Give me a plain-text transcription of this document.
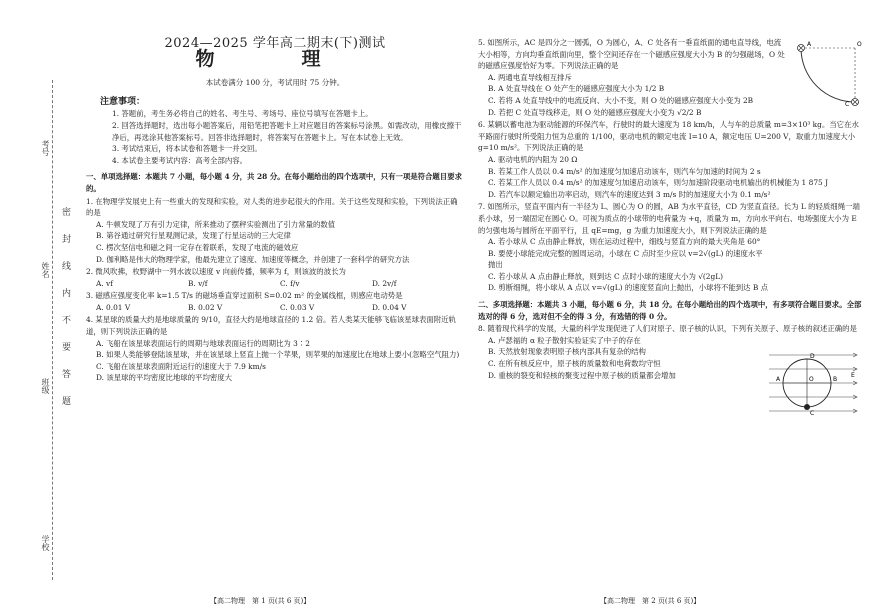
考号
姓名
班级
学校
密
封
线
内
不
要
答
题
2024—2025 学年高二期末(下)测试
物　理
本试卷满分 100 分，考试用时 75 分钟。
注意事项：

1. 答题前，考生务必将自己的姓名、考生号、考场号、座位号填写在答题卡上。

2. 回答选择题时，选出每小题答案后，用铅笔把答题卡上对应题目的答案标号涂黑。如需改动，用橡皮擦干净后，再选涂其他答案标号。回答非选择题时，将答案写在答题卡上。写在本试卷上无效。

3. 考试结束后，将本试卷和答题卡一并交回。

4. 本试卷主要考试内容：高考全部内容。

一、单项选择题：本题共 7 小题，每小题 4 分，共 28 分。在每小题给出的四个选项中，只有一项是符合题目要求的。

1. 在物理学发展史上有一些重大的发现和实验，对人类的进步起很大的作用。关于这些发现和实验，下列说法正确的是

A. 牛顿发现了万有引力定律，所来推动了摆秤实验测出了引力常量的数值

B. 第谷通过研究行星观测记录，发现了行星运动的三大定律

C. 楞次坚信电和磁之间一定存在着联系，发现了电流的磁效应

D. 伽利略是伟大的物理学家，他最先建立了速度、加速度等概念，并创建了一套科学的研究方法

2. 微风吹拂，枚野湖中一列水波以速度 v 向前传播，频率为 f，则该波的波长为

A. vf	B. v/f	C. f/v	D. 2v/f

3. 磁感应强度变化率 k=1.5 T/s 的磁场垂直穿过面积 S=0.02 m² 的金属线框，则感应电动势是

A. 0.01 V	B. 0.02 V	C. 0.03 V	D. 0.04 V

4. 某星球的质量大约是地球质量的 9/10，直径大约是地球直径的 1.2 倍。若人类某天能够飞临该星球表面附近轨道，则下列说法正确的是

A. 飞船在该星球表面运行的周期与地球表面运行的周期比为 3∶2

B. 如果人类能够登陆该星球，并在该星球上竖直上抛一个苹果，则苹果的加速度比在地球上要小(忽略空气阻力)

C. 飞船在该星球表面附近运行的速度大于 7.9 km/s

D. 该星球的平均密度比地球的平均密度大

【高二物理　第 1 页(共 6 页)】

5. 如图所示，AC 是四分之一圆弧，O 为圆心，A、C 处各有一垂直纸面的通电直导线，电流大小相等，方向均垂直纸面向里，整个空间还存在一个磁感应强度大小为 B 的匀强磁场，O 处的磁感应强度恰好为零。下列说法正确的是

A. 两通电直导线相互排斥

B. A 处直导线在 O 处产生的磁感应强度大小为 1/2 B

C. 若将 A 处直导线中的电流反向、大小不变，则 O 处的磁感应强度大小变为 2B

D. 若把 C 处直导线移走，则 O 处的磁感应强度大小变为 √2/2 B

6. 某辆以蓄电池为驱动能源的环保汽车，行驶时的最大速度为 18 km/h，人与车的总质量 m=3×10³ kg。当它在水平路面行驶时所受阻力恒为总重的 1/100，驱动电机的额定电流 I=10 A，额定电压 U=200 V，取重力加速度大小 g=10 m/s²。下列说法正确的是

A. 驱动电机的内阻为 20 Ω

B. 若某工作人员以 0.4 m/s² 的加速度匀加速启动该车，则汽车匀加速的时间为 2 s

C. 若某工作人员以 0.4 m/s² 的加速度匀加速启动该车，则匀加速阶段驱动电机输出的机械能为 1 875 J

D. 若汽车以额定输出功率启动，则汽车的速度达到 3 m/s 时的加速度大小为 0.1 m/s²

7. 如图所示，竖直平面内有一半径为 L、圆心为 O 的圆，AB 为水平直径，CD 为竖直直径。长为 L 的轻质细绳一端系小球，另一端固定在圆心 O。可视为质点的小球带的电荷量为 +q，质量为 m，方向水平向右、电场强度大小为 E 的匀强电场与圆所在平面平行，且 qE=mg，g 为重力加速度大小，则下列说法正确的是

A. 若小球从 C 点由静止释放，则在运动过程中，细线与竖直方向的最大夹角是 60°

B. 要使小球能完成完整的圆周运动，小球在 C 点时至少应以 v=2√(gL) 的速度水平抛出

C. 若小球从 A 点由静止释放，则到达 C 点时小球的速度大小为 √(2gL)

D. 剪断细绳，将小球从 A 点以 v=√(gL) 的速度竖直向上抛出，小球将不能到达 B 点

二、多项选择题：本题共 3 小题，每小题 6 分，共 18 分。在每小题给出的四个选项中，有多项符合题目要求。全部选对的得 6 分，选对但不全的得 3 分，有选错的得 0 分。

8. 随着现代科学的发展，大量的科学发现促进了人们对原子、原子核的认识，下列有关原子、原子核的叙述正确的是

A. 卢瑟福的 α 粒子散射实验证实了中子的存在

B. 天然放射现象表明原子核内部具有复杂的结构

C. 在所有核反应中，原子核的质量数和电荷数均守恒

D. 重核的裂变和轻核的聚变过程中原子核的质量都会增加

A	O
C
A	B
C
D
O
E
【高二物理　第 2 页(共 6 页)】
